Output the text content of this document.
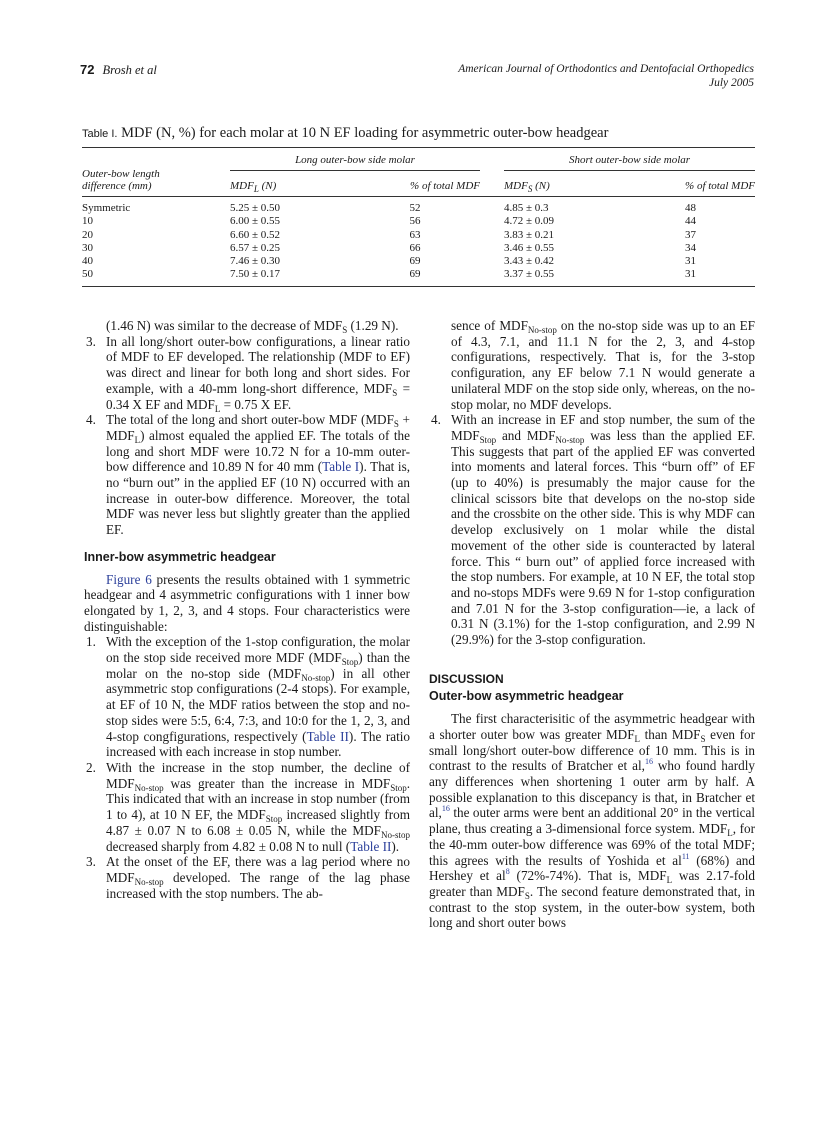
72 Brosh et al	American Journal of Orthodontics and Dentofacial Orthopedics
July 2005
Table I. MDF (N, %) for each molar at 10 N EF loading for asymmetric outer-bow headgear
Outer-bow length
difference (mm)	Long outer-bow side molar			Short outer-bow side molar	

	$MDF_L$ (N)	% of total MDF		$MDF_S$ (N)	% of total MDF
Symmetric	5.25 ± 0.50	52		4.85 ± 0.3	48
10	6.00 ± 0.55	56		4.72 ± 0.09	44
20	6.60 ± 0.52	63		3.83 ± 0.21	37
30	6.57 ± 0.25	66		3.46 ± 0.55	34
40	7.46 ± 0.30	69		3.43 ± 0.42	31
50	7.50 ± 0.17	69		3.37 ± 0.55	31

(1.46 N) was similar to the decrease of $MDF_S$ (1.29 N).

3. In all long/short outer-bow configurations, a linear ratio of MDF to EF developed. The relationship (MDF to EF) was direct and linear for both long and short sides. For example, with a 40-mm long-short difference, $MDF_S = 0.34$ X EF and $MDF_L = 0.75$ X EF.

4. The total of the long and short outer-bow MDF $(MDF_S + MDF_L)$ almost equaled the applied EF. The totals of the long and short MDF were 10.72 N for a 10-mm outer-bow difference and 10.89 N for 40 mm (Table I). That is, no “burn out” in the applied EF (10 N) occurred with an increase in outer-bow difference. Moreover, the total MDF was never less but slightly greater than the applied EF.

Inner-bow asymmetric headgear

Figure 6 presents the results obtained with 1 symmetric headgear and 4 asymmetric configurations with 1 inner bow elongated by 1, 2, 3, and 4 stops. Four characteristics were distinguishable:

1. With the exception of the 1-stop configuration, the molar on the stop side received more MDF $(MDF_{Stop})$ than the molar on the no-stop side $(MDF_{No-stop})$ in all other asymmetric stop configurations (2-4 stops). For example, at EF of 10 N, the MDF ratios between the stop and no-stop sides were 5:5, 6:4, 7:3, and 10:0 for the 1, 2, 3, and 4-stop congfigurations, respectively (Table II). The ratio increased with each increase in stop number.

2. With the increase in the stop number, the decline of $MDF_{No-stop}$ was greater than the increase in $MDF_{Stop}$. This indicated that with an increase in stop number (from 1 to 4), at 10 N EF, the $MDF_{Stop}$ increased slightly from 4.87 ± 0.07 N to 6.08 ± 0.05 N, while the $MDF_{No-stop}$ decreased sharply from 4.82 ± 0.08 N to null (Table II).

3. At the onset of the EF, there was a lag period where no $MDF_{No-stop}$ developed. The range of the lag phase increased with the stop numbers. The ab-

sence of $MDF_{No-stop}$ on the no-stop side was up to an EF of 4.3, 7.1, and 11.1 N for the 2, 3, and 4-stop configurations, respectively. That is, for the 3-stop configuration, any EF below 7.1 N would generate a unilateral MDF on the stop side only, whereas, on the no-stop molar, no MDF develops.

4. With an increase in EF and stop number, the sum of the $MDF_{Stop}$ and $MDF_{No-stop}$ was less than the applied EF. This suggests that part of the applied EF was converted into moments and lateral forces. This “burn off” of EF (up to 40%) is presumably the major cause for the clinical scissors bite that develops on the no-stop side and the crossbite on the other side. This is why MDF can develop exclusively on 1 molar while the distal movement of the other side is counteracted by lateral force. This “ burn out” of applied force increased with the stop numbers. For example, at 10 N EF, the total stop and no-stops MDFs were 9.69 N for 1-stop configuration and 7.01 N for the 3-stop configuration—ie, a lack of 0.31 N (3.1%) for the 1-stop configuration, and 2.99 N (29.9%) for the 3-stop configuration.

DISCUSSION
Outer-bow asymmetric headgear

The first characterisitic of the asymmetric headgear with a shorter outer bow was greater $MDF_L$ than $MDF_S$ even for small long/short outer-bow difference of 10 mm. This is in contrast to the results of Bratcher et al,$^{16}$ who found hardly any differences when shortening 1 outer arm by half. A possible explanation to this discepancy is that, in Bratcher et al,$^{16}$ the outer arms were bent an additional 20° in the vertical plane, thus creating a 3-dimensional force system. $MDF_L$, for the 40-mm outer-bow difference was 69% of the total MDF; this agrees with the results of Yoshida et $al^{11}$ (68%) and Hershey et $al^8$ (72%-74%). That is, $MDF_L$ was 2.17-fold greater than $MDF_S$. The second feature demonstrated that, in contrast to the stop system, in the outer-bow system, both long and short outer bows
